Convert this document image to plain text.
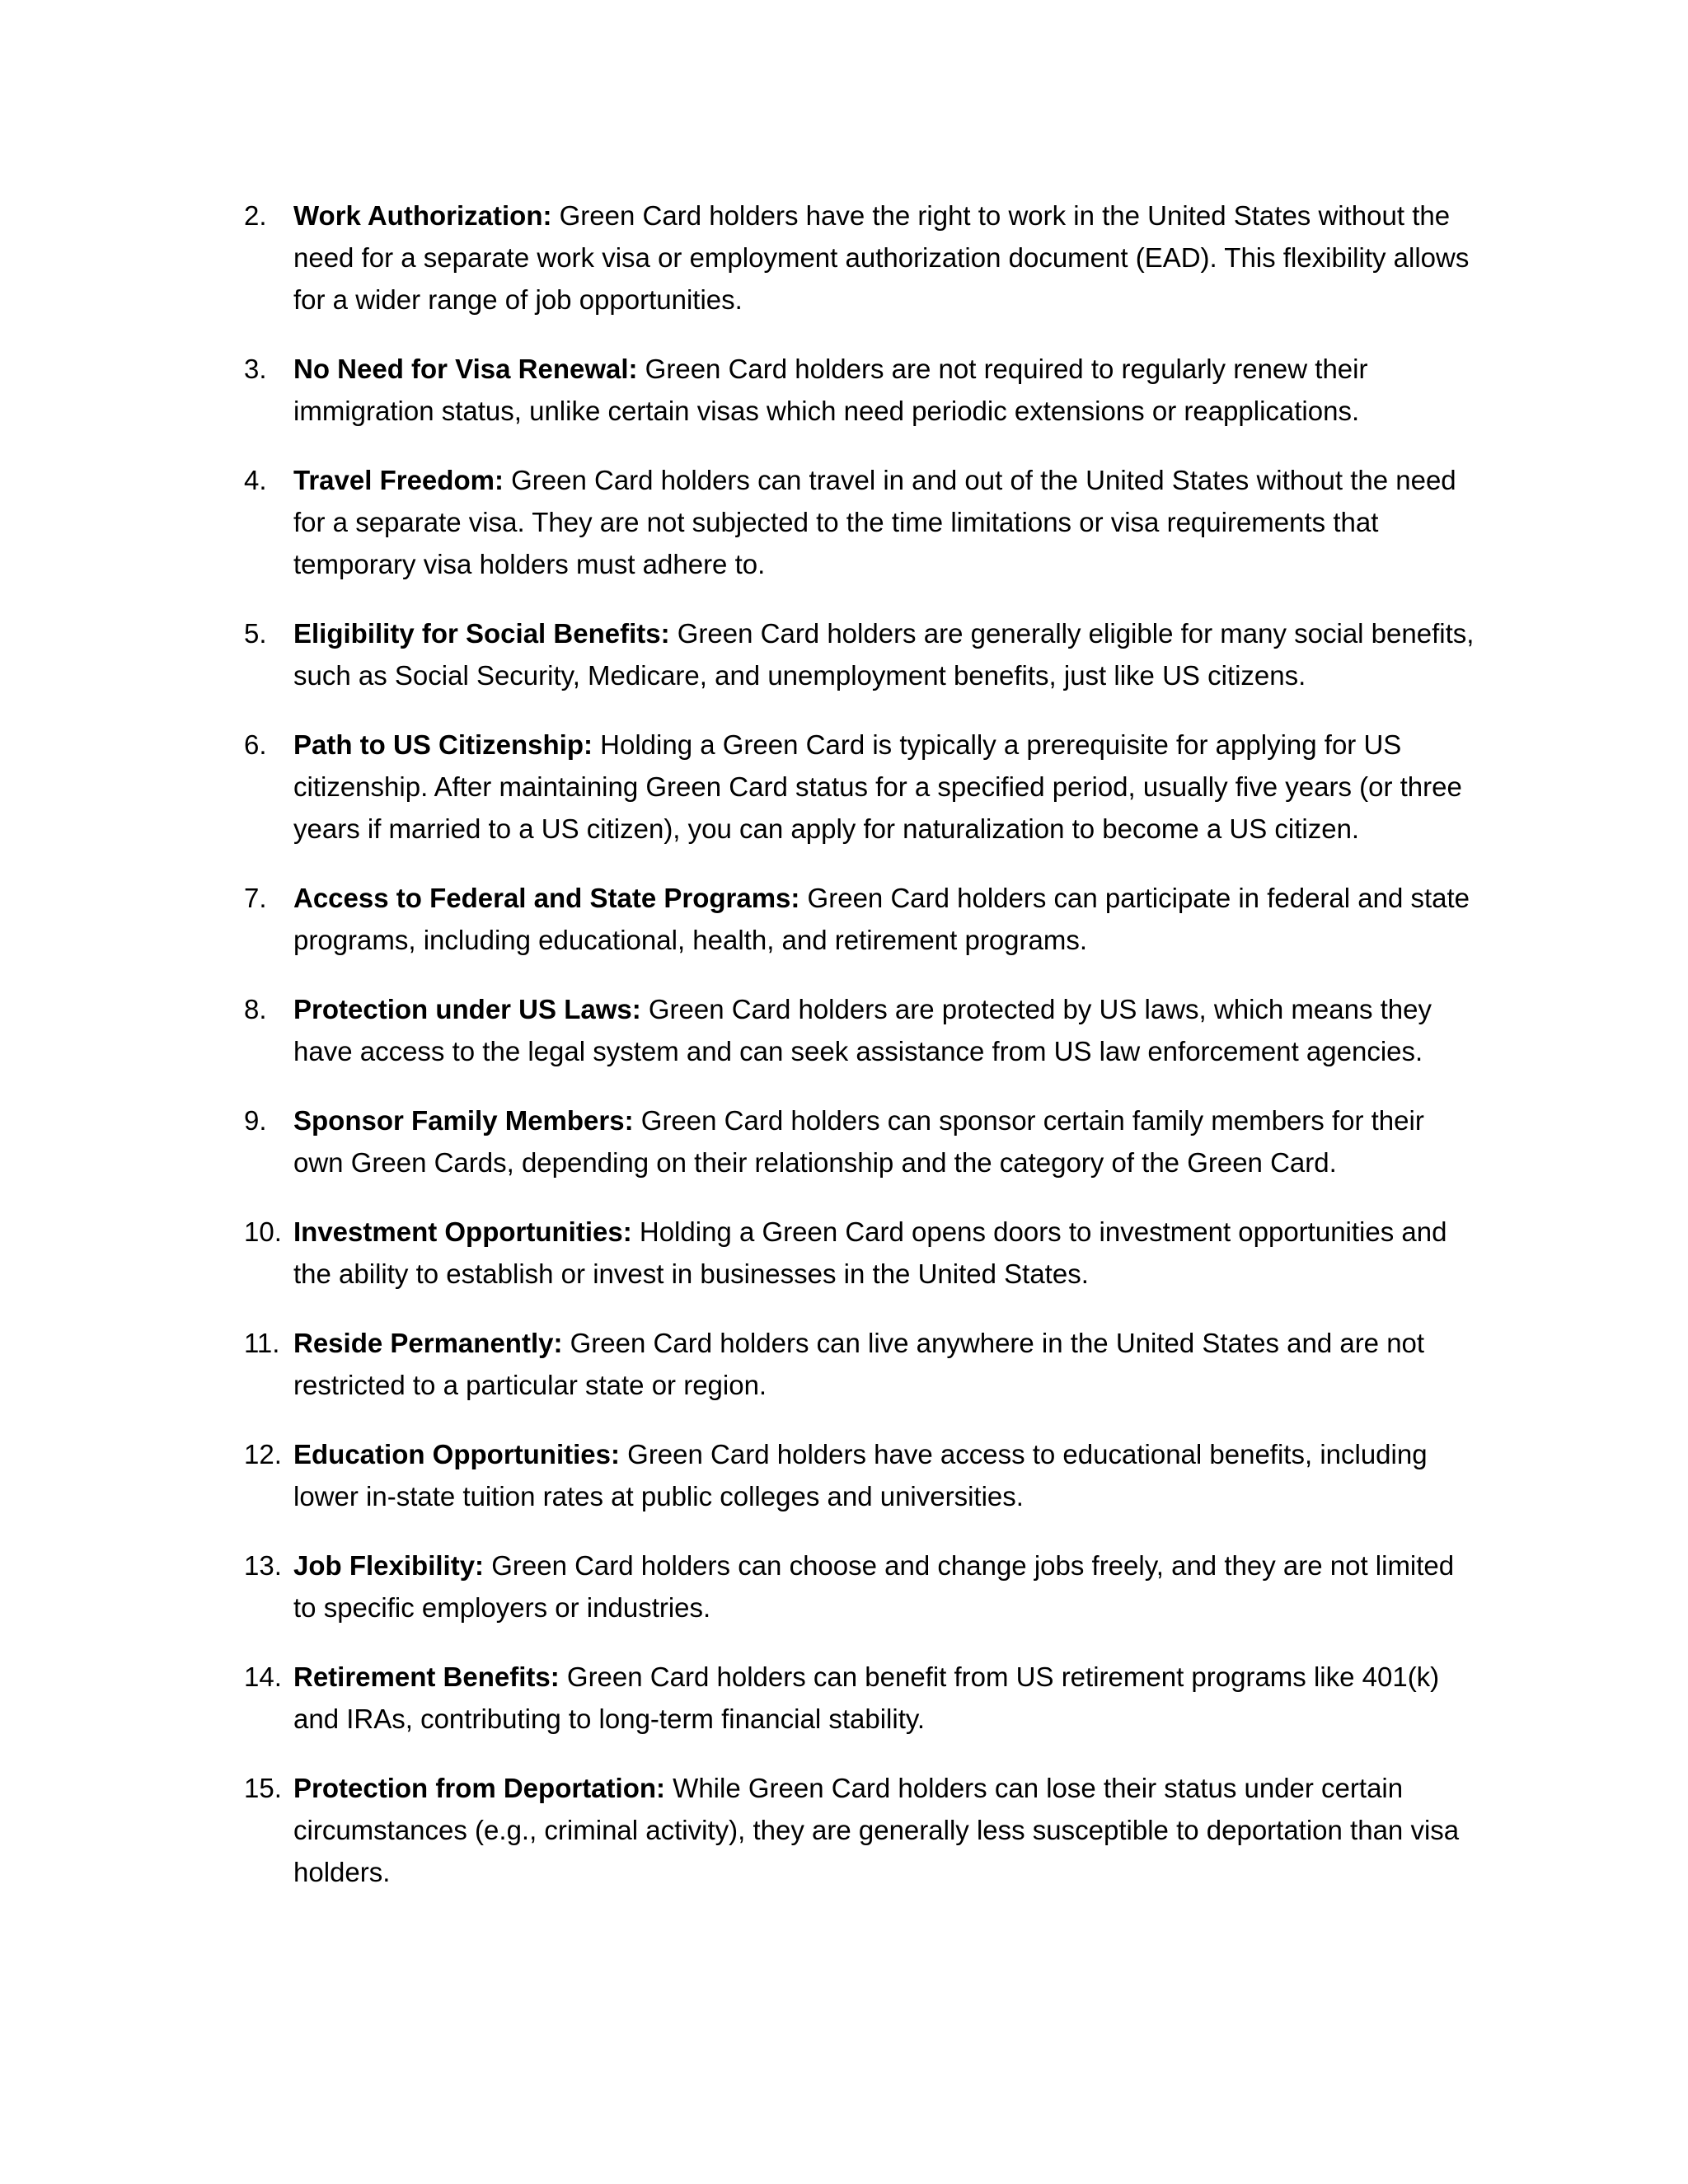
2. Work Authorization: Green Card holders have the right to work in the United States without the need for a separate work visa or employment authorization document (EAD). This flexibility allows for a wider range of job opportunities.
3. No Need for Visa Renewal: Green Card holders are not required to regularly renew their immigration status, unlike certain visas which need periodic extensions or reapplications.
4. Travel Freedom: Green Card holders can travel in and out of the United States without the need for a separate visa. They are not subjected to the time limitations or visa requirements that temporary visa holders must adhere to.
5. Eligibility for Social Benefits: Green Card holders are generally eligible for many social benefits, such as Social Security, Medicare, and unemployment benefits, just like US citizens.
6. Path to US Citizenship: Holding a Green Card is typically a prerequisite for applying for US citizenship. After maintaining Green Card status for a specified period, usually five years (or three years if married to a US citizen), you can apply for naturalization to become a US citizen.
7. Access to Federal and State Programs: Green Card holders can participate in federal and state programs, including educational, health, and retirement programs.
8. Protection under US Laws: Green Card holders are protected by US laws, which means they have access to the legal system and can seek assistance from US law enforcement agencies.
9. Sponsor Family Members: Green Card holders can sponsor certain family members for their own Green Cards, depending on their relationship and the category of the Green Card.
10. Investment Opportunities: Holding a Green Card opens doors to investment opportunities and the ability to establish or invest in businesses in the United States.
11. Reside Permanently: Green Card holders can live anywhere in the United States and are not restricted to a particular state or region.
12. Education Opportunities: Green Card holders have access to educational benefits, including lower in-state tuition rates at public colleges and universities.
13. Job Flexibility: Green Card holders can choose and change jobs freely, and they are not limited to specific employers or industries.
14. Retirement Benefits: Green Card holders can benefit from US retirement programs like 401(k) and IRAs, contributing to long-term financial stability.
15. Protection from Deportation: While Green Card holders can lose their status under certain circumstances (e.g., criminal activity), they are generally less susceptible to deportation than visa holders.
